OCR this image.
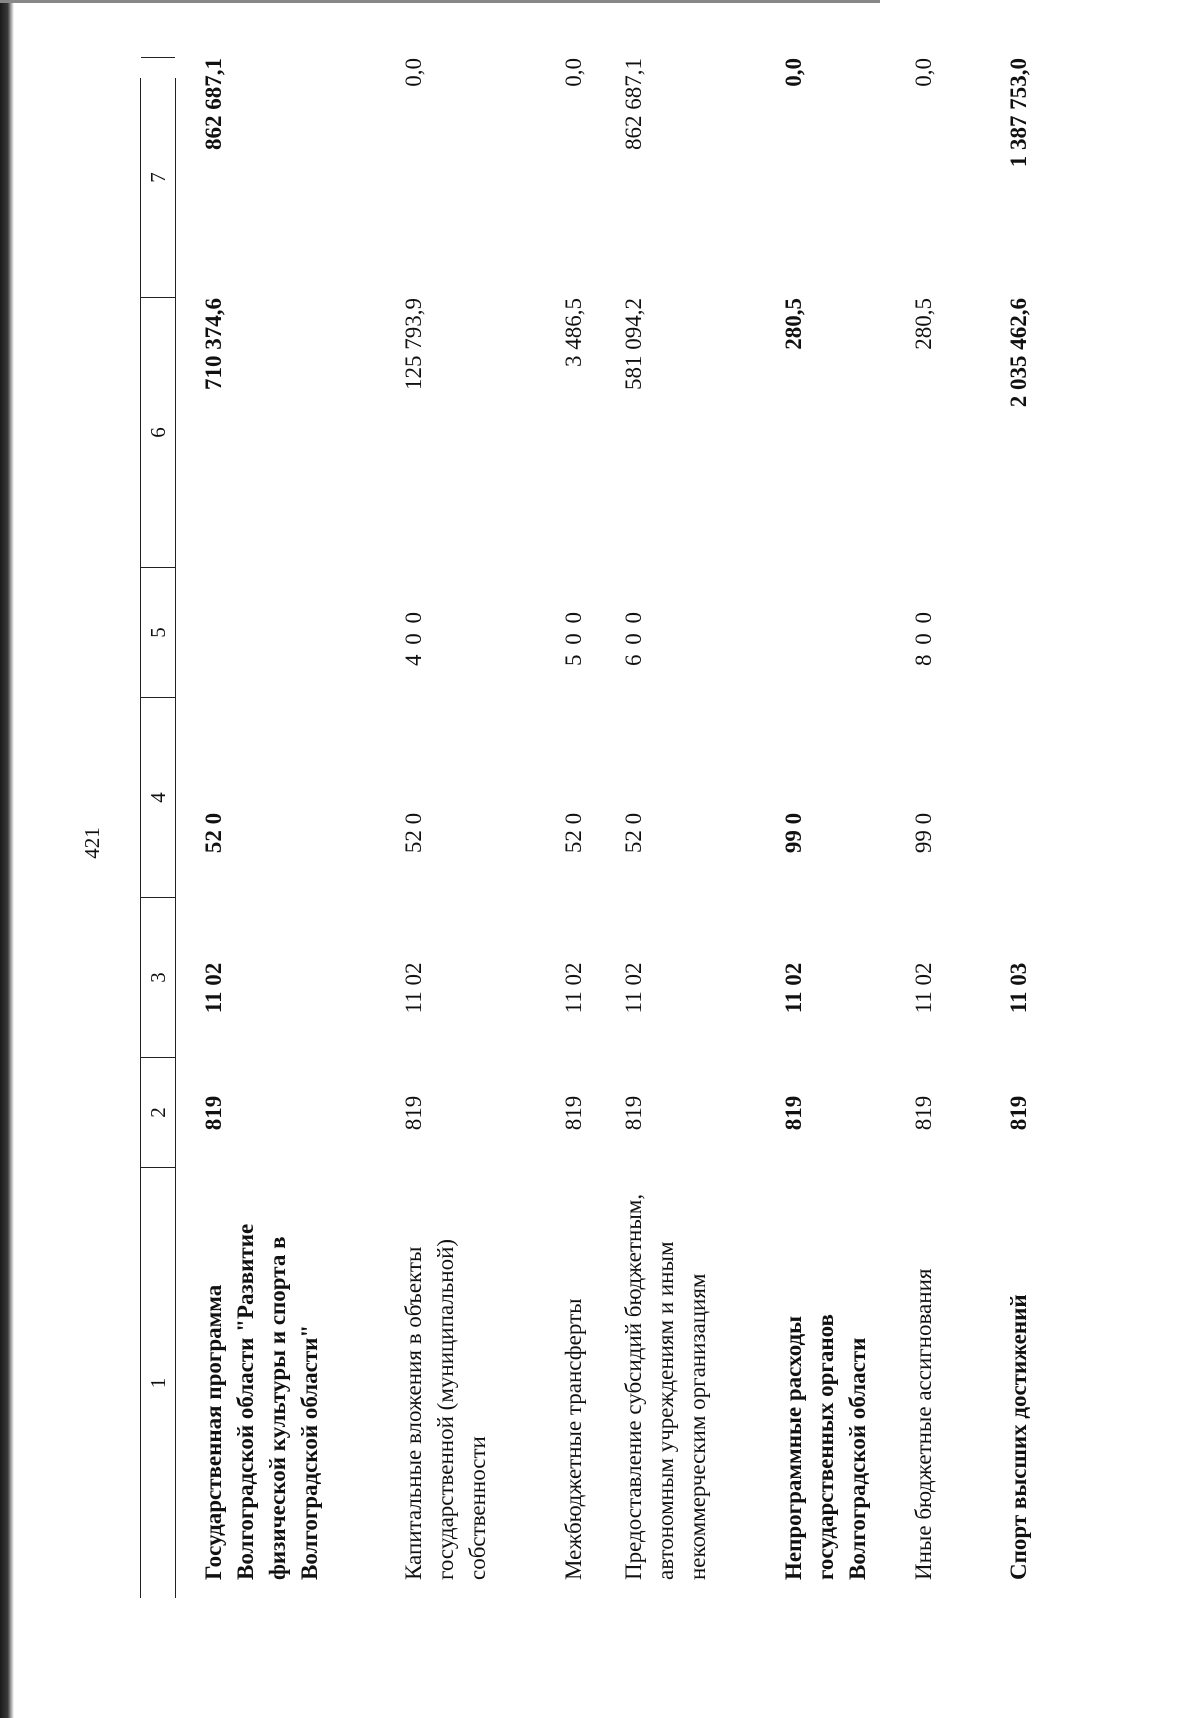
421
1
2
3
4
5
6
7
Государственная программа Волгоградской области "Развитие физической культуры и спорта в Волгоградской области"
819
11 02
52 0
710 374,6
862 687,1
Капитальные вложения в объекты государственной (муниципальной) собственности
819
11 02
52 0
4 0 0
125 793,9
0,0
Межбюджетные трансферты
819
11 02
52 0
5 0 0
3 486,5
0,0
Предоставление субсидий бюджетным, автономным учреждениям и иным некоммерческим организациям
819
11 02
52 0
6 0 0
581 094,2
862 687,1
Непрограммные расходы государственных органов Волгоградской области
819
11 02
99 0
280,5
0,0
Иные бюджетные ассигнования
819
11 02
99 0
8 0 0
280,5
0,0
Спорт высших достижений
819
11 03
2 035 462,6
1 387 753,0
